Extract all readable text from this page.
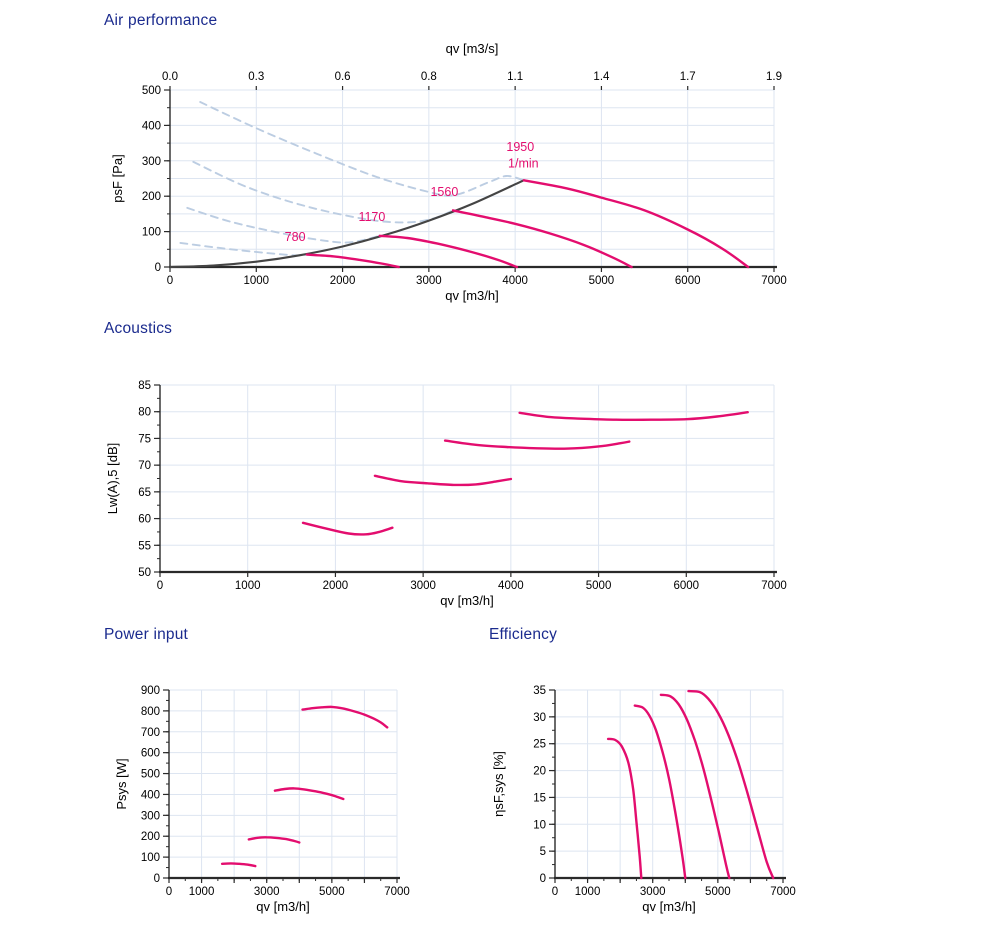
Air performance
Acoustics
Power input	Efficiency
0
100
200
300
400
500
0	1000	2000	3000	4000	5000	6000	7000
qv [m3/h]
psF [Pa]
0.0	0.3	0.6	0.8	1.1	1.4	1.7	1.9
qv [m3/s]
780
1170
1560
1950
1/min
50
55
60
65
70
75
80
85
0	1000	2000	3000	4000	5000	6000	7000
qv [m3/h]
Lw(A),5 [dB]
0
100
200
300
400
500
600
700
800
900
0 1000	3000	5000	7000
qv [m3/h]
Psys [W]
0
5
10
15
20
25
30
35
0 1000	3000	5000	7000
qv [m3/h]
ηsF,sys [%]
